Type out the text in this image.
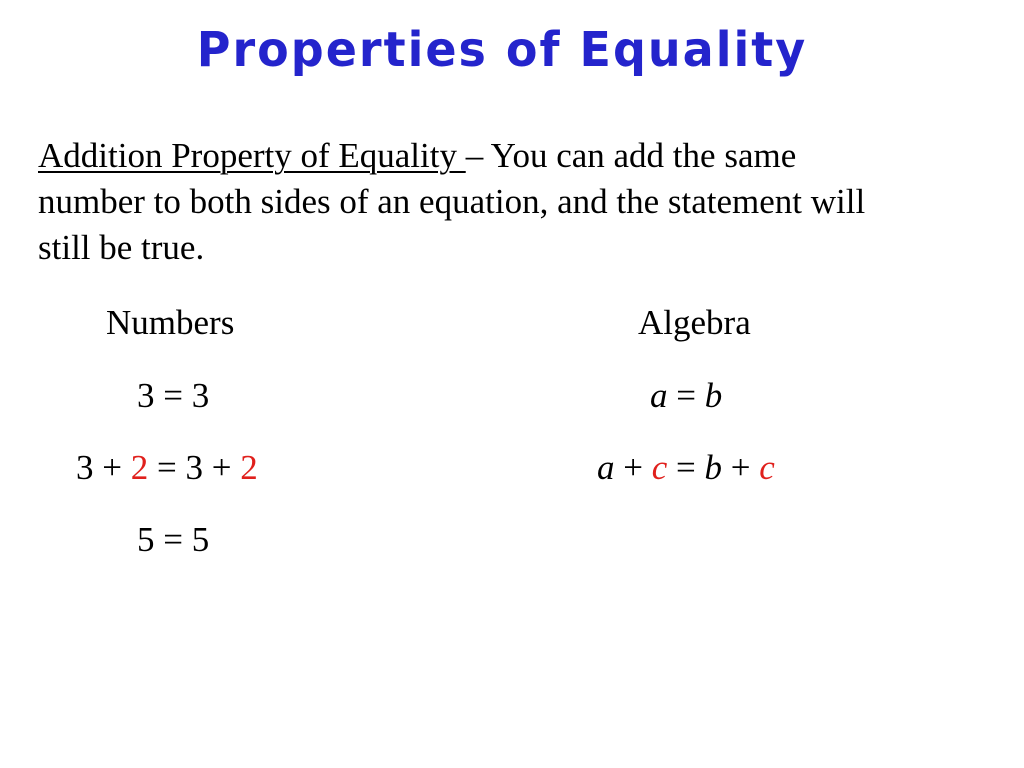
Properties of Equality
Addition Property of Equality – You can add the same
number to both sides of an equation, and the statement will
still be true.
Numbers
3 = 3
3 + 2 = 3 + 2
5 = 5
Algebra
a = b
a + c = b + c
